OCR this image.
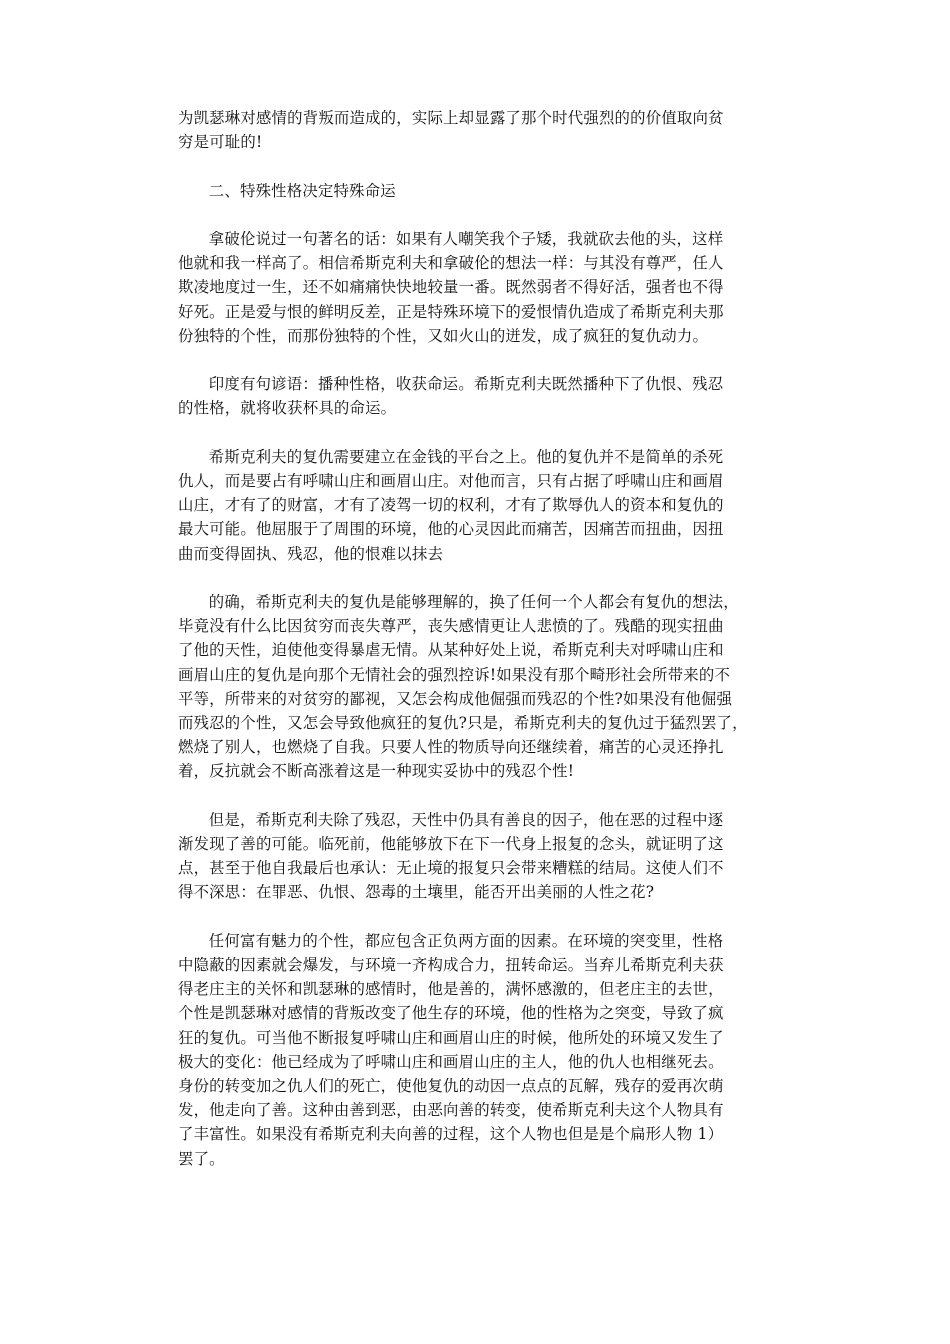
为凯瑟琳对感情的背叛而造成的，实际上却显露了那个时代强烈的的价值取向贫
穷是可耻的!

二、特殊性格决定特殊命运

拿破伦说过一句著名的话：如果有人嘲笑我个子矮，我就砍去他的头，这样
他就和我一样高了。相信希斯克利夫和拿破伦的想法一样：与其没有尊严，任人
欺凌地度过一生，还不如痛痛快快地较量一番。既然弱者不得好活，强者也不得
好死。正是爱与恨的鲜明反差，正是特殊环境下的爱恨情仇造成了希斯克利夫那
份独特的个性，而那份独特的个性，又如火山的迸发，成了疯狂的复仇动力。

印度有句谚语：播种性格，收获命运。希斯克利夫既然播种下了仇恨、残忍
的性格，就将收获杯具的命运。

希斯克利夫的复仇需要建立在金钱的平台之上。他的复仇并不是简单的杀死
仇人，而是要占有呼啸山庄和画眉山庄。对他而言，只有占据了呼啸山庄和画眉
山庄，才有了的财富，才有了凌驾一切的权利，才有了欺辱仇人的资本和复仇的
最大可能。他屈服于了周围的环境，他的心灵因此而痛苦，因痛苦而扭曲，因扭
曲而变得固执、残忍，他的恨难以抹去

的确，希斯克利夫的复仇是能够理解的，换了任何一个人都会有复仇的想法，
毕竟没有什么比因贫穷而丧失尊严，丧失感情更让人悲愤的了。残酷的现实扭曲
了他的天性，迫使他变得暴虐无情。从某种好处上说，希斯克利夫对呼啸山庄和
画眉山庄的复仇是向那个无情社会的强烈控诉!如果没有那个畸形社会所带来的不
平等，所带来的对贫穷的鄙视，又怎会构成他倔强而残忍的个性?如果没有他倔强
而残忍的个性，又怎会导致他疯狂的复仇?只是，希斯克利夫的复仇过于猛烈罢了，
燃烧了别人，也燃烧了自我。只要人性的物质导向还继续着，痛苦的心灵还挣扎
着，反抗就会不断高涨着这是一种现实妥协中的残忍个性!

但是，希斯克利夫除了残忍，天性中仍具有善良的因子，他在恶的过程中逐
渐发现了善的可能。临死前，他能够放下在下一代身上报复的念头，就证明了这
点，甚至于他自我最后也承认：无止境的报复只会带来糟糕的结局。这使人们不
得不深思：在罪恶、仇恨、怨毒的土壤里，能否开出美丽的人性之花?

任何富有魅力的个性，都应包含正负两方面的因素。在环境的突变里，性格
中隐蔽的因素就会爆发，与环境一齐构成合力，扭转命运。当弃儿希斯克利夫获
得老庄主的关怀和凯瑟琳的感情时，他是善的，满怀感激的，但老庄主的去世，
个性是凯瑟琳对感情的背叛改变了他生存的环境，他的性格为之突变，导致了疯
狂的复仇。可当他不断报复呼啸山庄和画眉山庄的时候，他所处的环境又发生了
极大的变化：他已经成为了呼啸山庄和画眉山庄的主人，他的仇人也相继死去。
身份的转变加之仇人们的死亡，使他复仇的动因一点点的瓦解，残存的爱再次萌
发，他走向了善。这种由善到恶，由恶向善的转变，使希斯克利夫这个人物具有
了丰富性。如果没有希斯克利夫向善的过程，这个人物也但是是个扁形人物 1）
罢了。
